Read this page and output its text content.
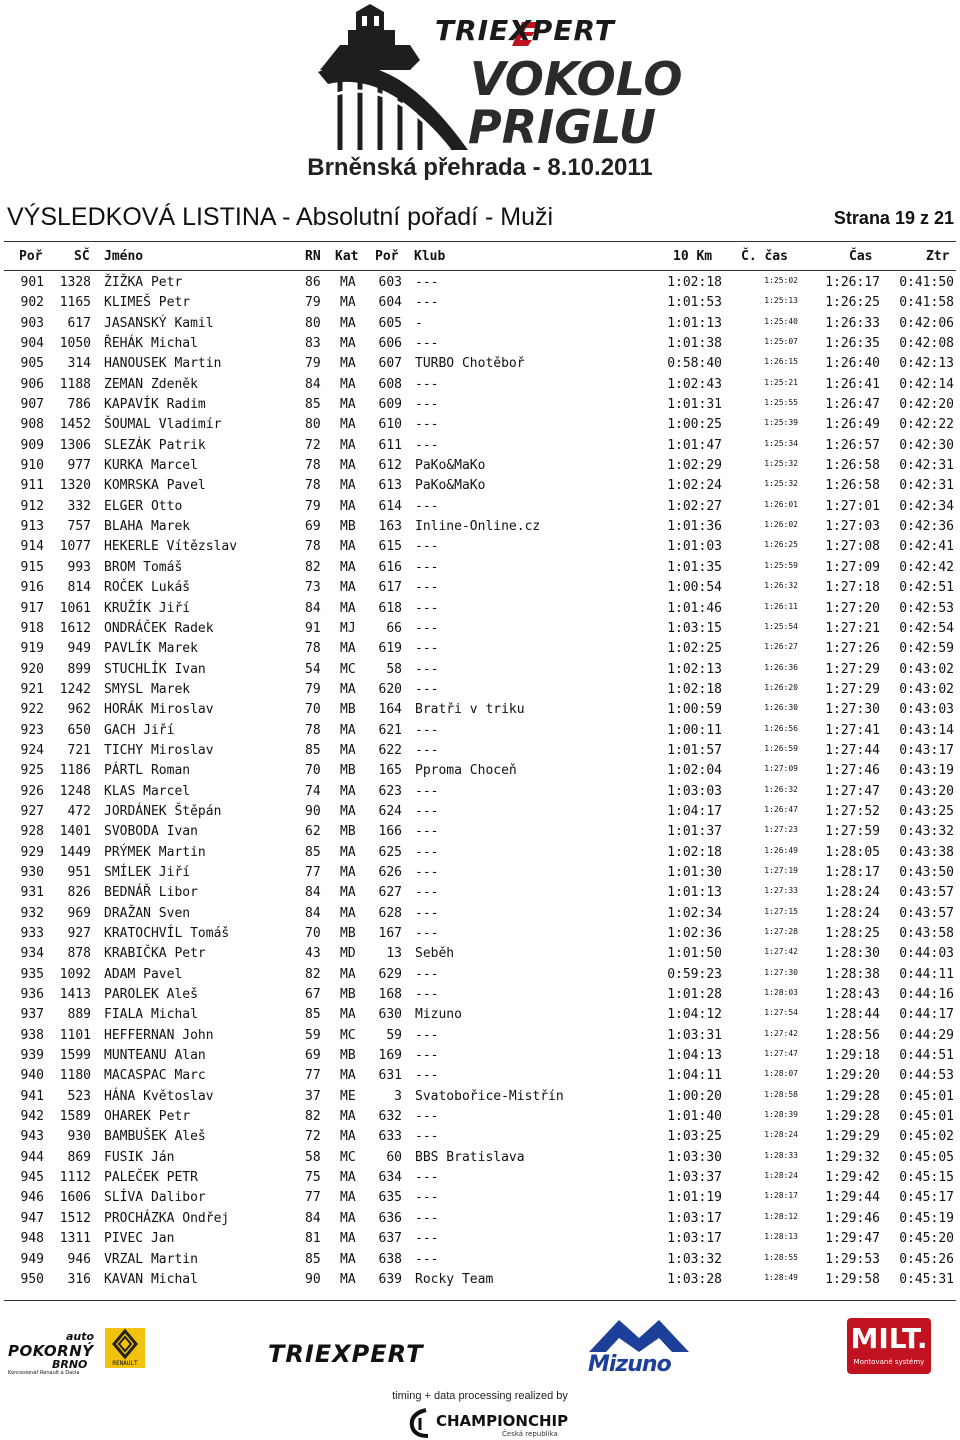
TRIEXPERT
VOKOLO
PRIGLU
Brněnská přehrada - 8.10.2011
VÝSLEDKOVÁ LISTINA - Absolutní pořadí - Muži	Strana 19 z 21
Poř SČ Jméno	RN Kat Poř Klub	10 Km Č. čas	Čas	Ztr
901	1328 ŽIŽKA Petr	86	MA	603 ---	1:02:18	1:25:02	1:26:17	0:41:50
902	1165 KLIMEŠ Petr	79	MA	604 ---	1:01:53	1:25:13	1:26:25	0:41:58
903	617 JASANSKÝ Kamil	80	MA	605 -	1:01:13	1:25:40	1:26:33	0:42:06
904	1050 ŘEHÁK Michal	83	MA	606 ---	1:01:38	1:25:07	1:26:35	0:42:08
905	314 HANOUSEK Martin	79	MA	607 TURBO Chotěboř	0:58:40	1:26:15	1:26:40	0:42:13
906	1188 ZEMAN Zdeněk	84	MA	608 ---	1:02:43	1:25:21	1:26:41	0:42:14
907	786 KAPAVÍK Radim	85	MA	609 ---	1:01:31	1:25:55	1:26:47	0:42:20
908	1452 ŠOUMAL Vladimír	80	MA	610 ---	1:00:25	1:25:39	1:26:49	0:42:22
909	1306 SLEZÁK Patrik	72	MA	611 ---	1:01:47	1:25:34	1:26:57	0:42:30
910	977 KURKA Marcel	78	MA	612 PaKo&MaKo	1:02:29	1:25:32	1:26:58	0:42:31
911	1320 KOMRSKA Pavel	78	MA	613 PaKo&MaKo	1:02:24	1:25:32	1:26:58	0:42:31
912	332 ELGER Otto	79	MA	614 ---	1:02:27	1:26:01	1:27:01	0:42:34
913	757 BLAHA Marek	69	MB	163 Inline-Online.cz	1:01:36	1:26:02	1:27:03	0:42:36
914	1077 HEKERLE Vítězslav	78	MA	615 ---	1:01:03	1:26:25	1:27:08	0:42:41
915	993 BROM Tomáš	82	MA	616 ---	1:01:35	1:25:59	1:27:09	0:42:42
916	814 ROČEK Lukáš	73	MA	617 ---	1:00:54	1:26:32	1:27:18	0:42:51
917	1061 KRUŽÍK Jiří	84	MA	618 ---	1:01:46	1:26:11	1:27:20	0:42:53
918	1612 ONDRÁČEK Radek	91	MJ	66 ---	1:03:15	1:25:54	1:27:21	0:42:54
919	949 PAVLÍK Marek	78	MA	619 ---	1:02:25	1:26:27	1:27:26	0:42:59
920	899 STUCHLÍK Ivan	54	MC	58 ---	1:02:13	1:26:36	1:27:29	0:43:02
921	1242 SMYSL Marek	79	MA	620 ---	1:02:18	1:26:20	1:27:29	0:43:02
922	962 HORÁK Miroslav	70	MB	164 Bratři v triku	1:00:59	1:26:30	1:27:30	0:43:03
923	650 GACH Jiří	78	MA	621 ---	1:00:11	1:26:56	1:27:41	0:43:14
924	721 TICHY Miroslav	85	MA	622 ---	1:01:57	1:26:59	1:27:44	0:43:17
925	1186 PÁRTL Roman	70	MB	165 Pproma Choceň	1:02:04	1:27:09	1:27:46	0:43:19
926	1248 KLAS Marcel	74	MA	623 ---	1:03:03	1:26:32	1:27:47	0:43:20
927	472 JORDÁNEK Štěpán	90	MA	624 ---	1:04:17	1:26:47	1:27:52	0:43:25
928	1401 SVOBODA Ivan	62	MB	166 ---	1:01:37	1:27:23	1:27:59	0:43:32
929	1449 PRÝMEK Martin	85	MA	625 ---	1:02:18	1:26:49	1:28:05	0:43:38
930	951 SMÍLEK Jiří	77	MA	626 ---	1:01:30	1:27:19	1:28:17	0:43:50
931	826 BEDNÁŘ Libor	84	MA	627 ---	1:01:13	1:27:33	1:28:24	0:43:57
932	969 DRAŽAN Sven	84	MA	628 ---	1:02:34	1:27:15	1:28:24	0:43:57
933	927 KRATOCHVÍL Tomáš	70	MB	167 ---	1:02:36	1:27:28	1:28:25	0:43:58
934	878 KRABIČKA Petr	43	MD	13 Seběh	1:01:50	1:27:42	1:28:30	0:44:03
935	1092 ADAM Pavel	82	MA	629 ---	0:59:23	1:27:30	1:28:38	0:44:11
936	1413 PAROLEK Aleš	67	MB	168 ---	1:01:28	1:28:03	1:28:43	0:44:16
937	889 FIALA Michal	85	MA	630 Mizuno	1:04:12	1:27:54	1:28:44	0:44:17
938	1101 HEFFERNAN John	59	MC	59 ---	1:03:31	1:27:42	1:28:56	0:44:29
939	1599 MUNTEANU Alan	69	MB	169 ---	1:04:13	1:27:47	1:29:18	0:44:51
940	1180 MACASPAC Marc	77	MA	631 ---	1:04:11	1:28:07	1:29:20	0:44:53
941	523 HÁNA Květoslav	37	ME	3 Svatobořice-Mistřín	1:00:20	1:28:58	1:29:28	0:45:01
942	1589 OHAREK Petr	82	MA	632 ---	1:01:40	1:28:39	1:29:28	0:45:01
943	930 BAMBUŠEK Aleš	72	MA	633 ---	1:03:25	1:28:24	1:29:29	0:45:02
944	869 FUSIK Ján	58	MC	60 BBS Bratislava	1:03:30	1:28:33	1:29:32	0:45:05
945	1112 PALEČEK PETR	75	MA	634 ---	1:03:37	1:28:24	1:29:42	0:45:15
946	1606 SLÍVA Dalibor	77	MA	635 ---	1:01:19	1:28:17	1:29:44	0:45:17
947	1512 PROCHÁZKA Ondřej	84	MA	636 ---	1:03:17	1:28:12	1:29:46	0:45:19
948	1311 PIVEC Jan	81	MA	637 ---	1:03:17	1:28:13	1:29:47	0:45:20
949	946 VRZAL Martin	85	MA	638 ---	1:03:32	1:28:55	1:29:53	0:45:26
950	316 KAVAN Michal	90	MA	639 Rocky Team	1:03:28	1:28:49	1:29:58	0:45:31
auto
POKORNÝ
BRNO
Koncesionář Renault a Dacia
RENAULT	TRIEXPERT	Mizuno
MILT.
Montované systémy
timing + data processing realized by
CHAMPIONCHIP
Česká republika
